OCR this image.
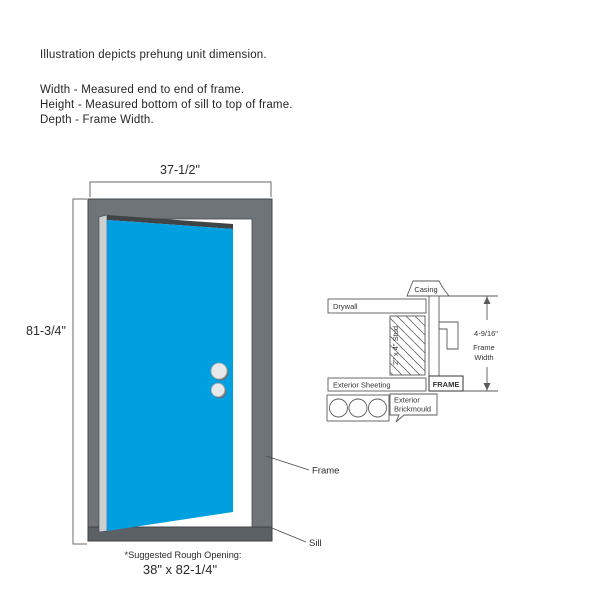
Illustration depicts prehung unit dimension.
Width - Measured end to end of frame.
Height - Measured bottom of sill to top of frame.
Depth - Frame Width.
37-1/2"
81-3/4"
Frame
Sill
*Suggested Rough Opening:
38" x 82-1/4"
Casing
Drywall
2" x 4" Stud
Exterior Sheeting	FRAME
Exterior
Brickmould
4-9/16"
Frame
Width
